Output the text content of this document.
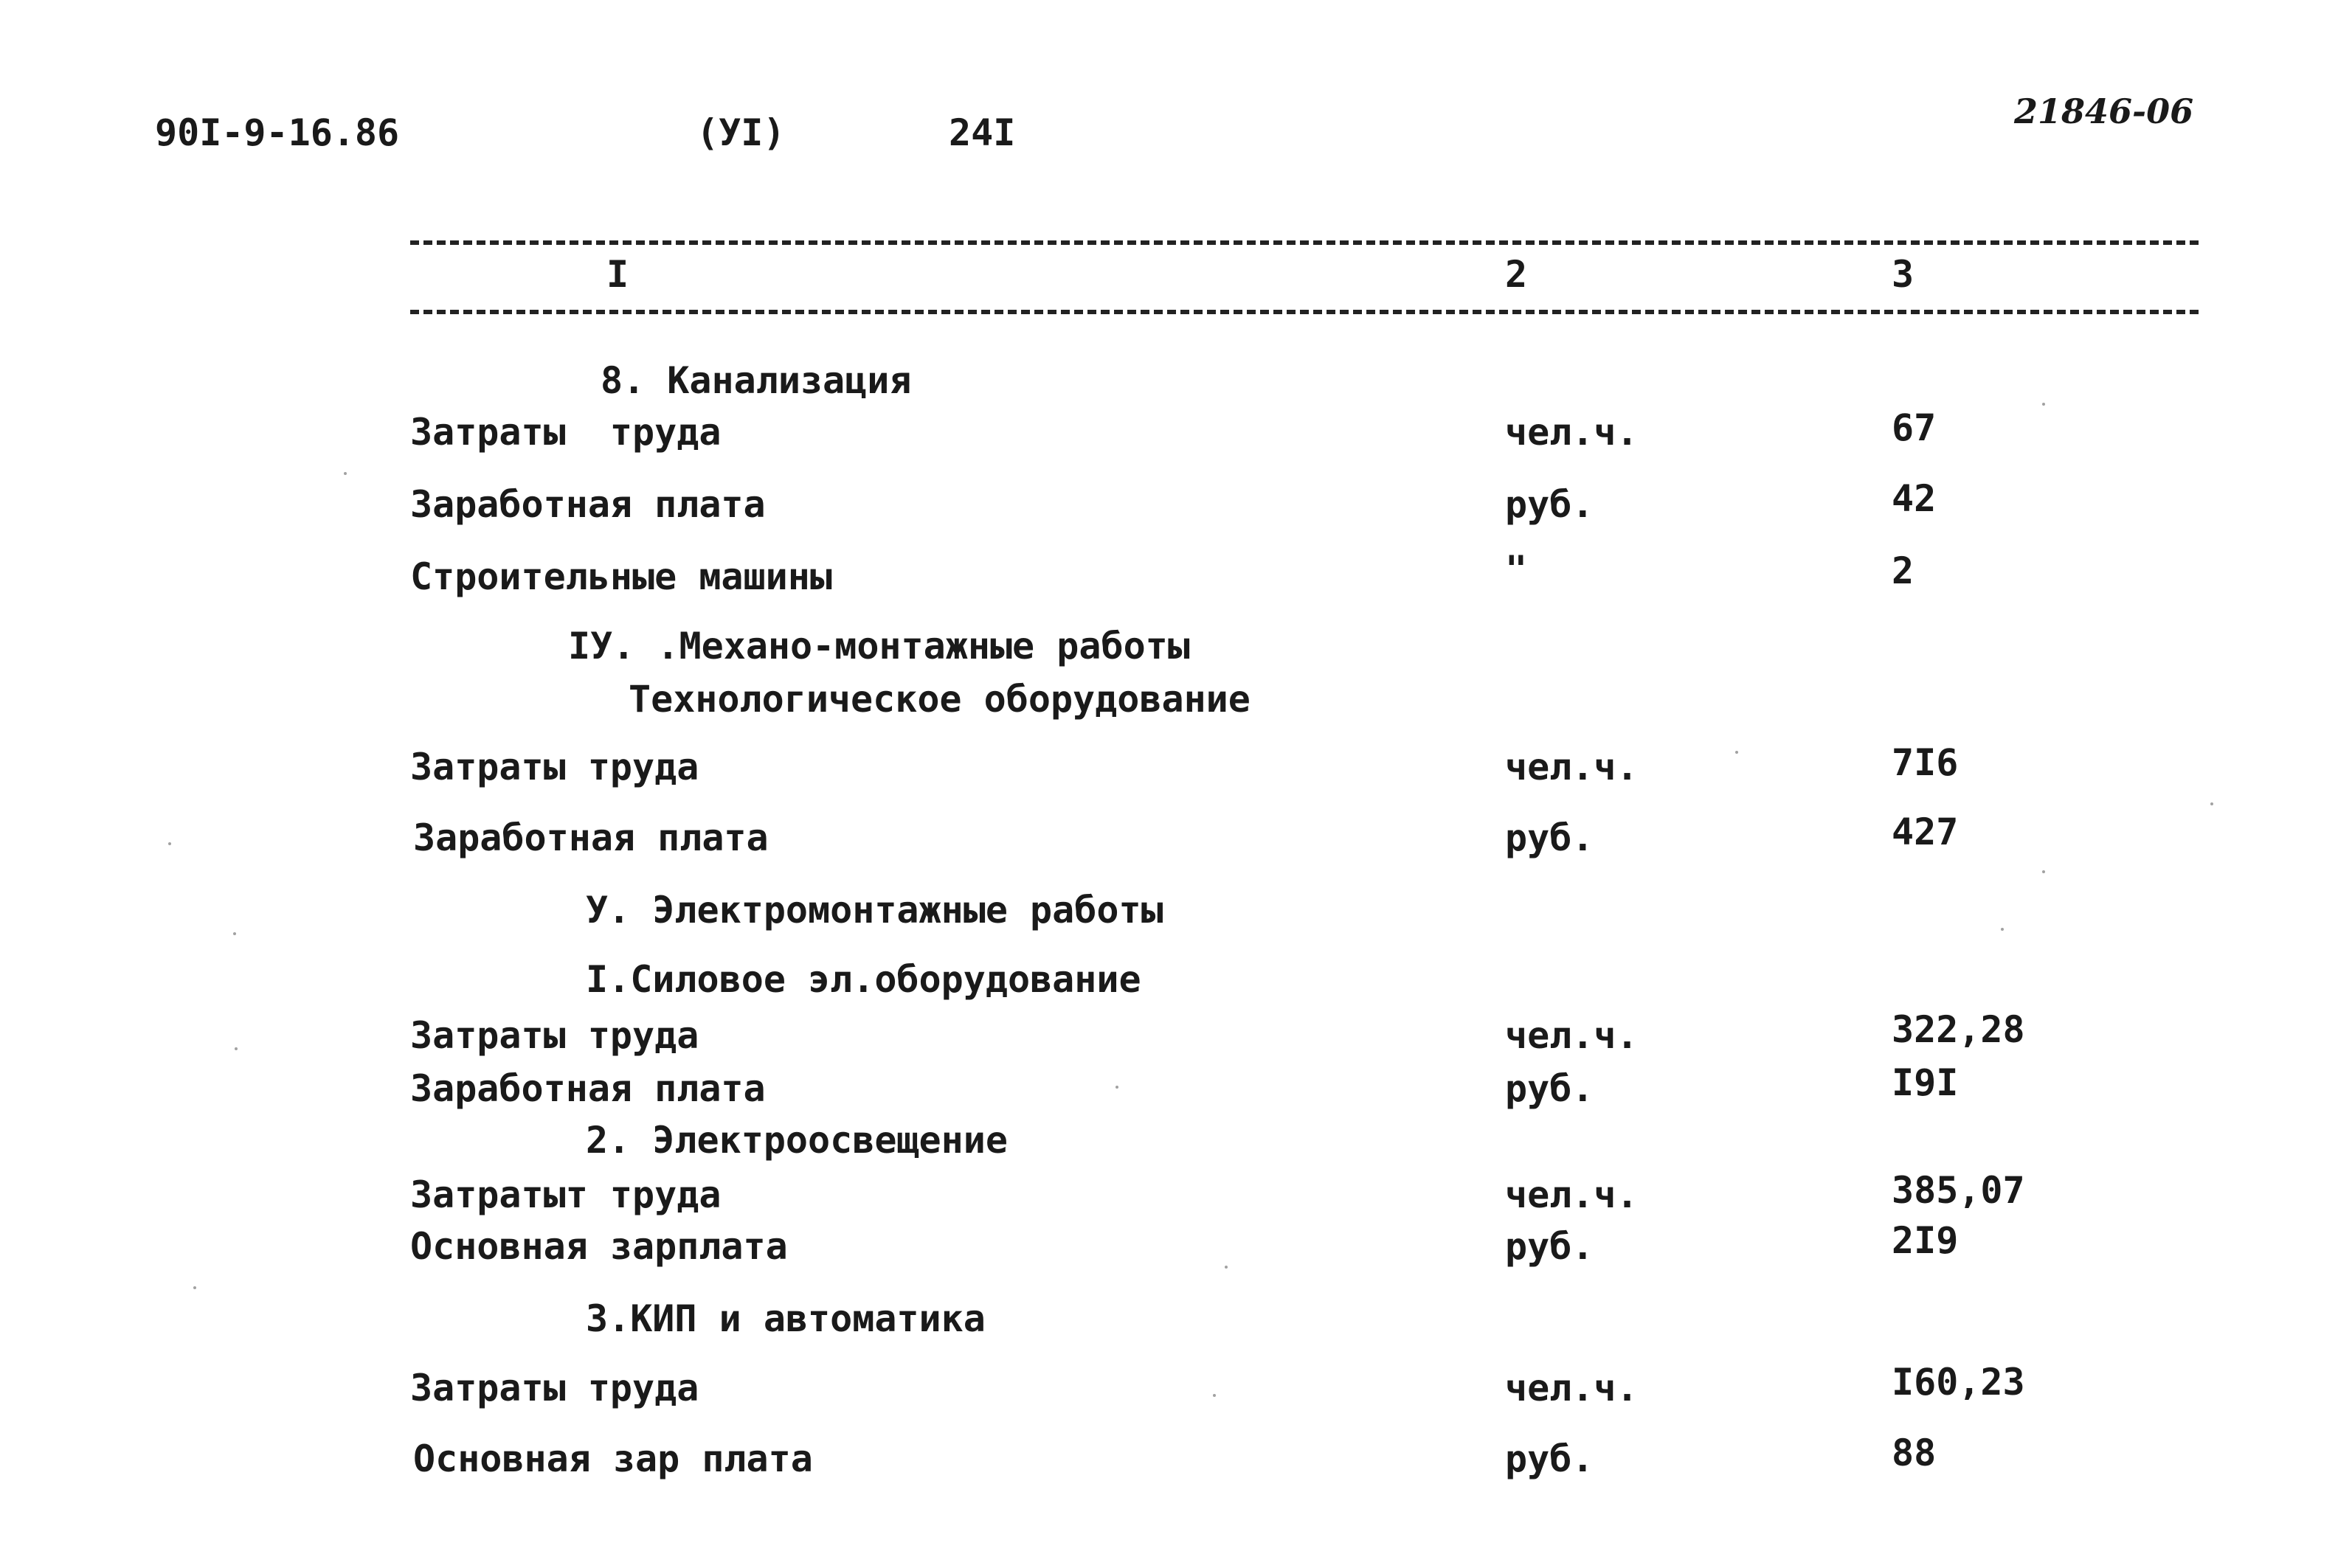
90I-9-16.86	(УI)	24I	21846-06
I	2	3
8. Канализация
Затраты  труда	чел.ч.	67
Заработная плата	руб.	42
Строительные машины	"	2
IУ. .Механо-монтажные работы
Технологическое оборудование
Затраты труда	чел.ч.	7I6
Заработная плата	руб.	427
У. Электромонтажные работы
I.Силовое эл.оборудование
Затраты труда	чел.ч.	322,28
Заработная плата	руб.	I9I
2. Электроосвещение
Затратыт труда	чел.ч.	385,07
Основная зарплата	руб.	2I9
3.КИП и автоматика
Затраты труда	чел.ч.	I60,23
Основная зар плата	руб.	88
